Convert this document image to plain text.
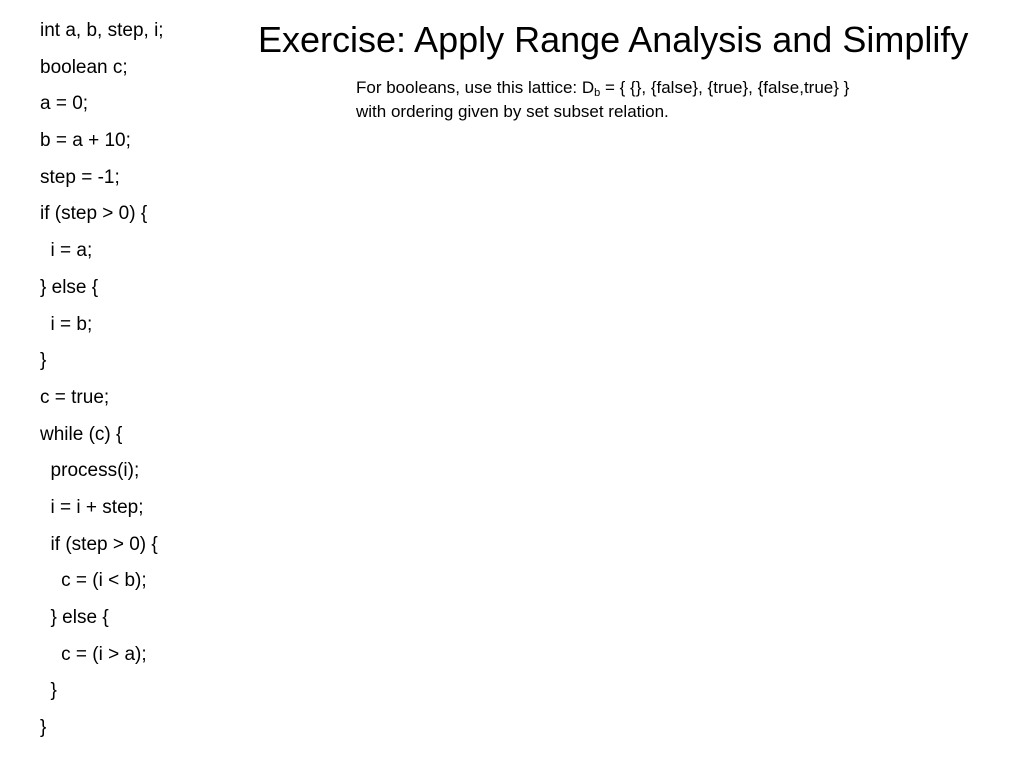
Exercise: Apply Range Analysis and Simplify
For booleans, use this lattice: $D_b$ = { {}, {false}, {true}, {false,true} }
with ordering given by set subset relation.
int a, b, step, i;
boolean c;
a = 0;
b = a + 10;
step = -1;
if (step > 0) {
i = a;
} else {
i = b;
}
c = true;
while (c) {
process(i);
i = i + step;
if (step > 0) {
c = (i < b);
} else {
c = (i > a);
}
}
